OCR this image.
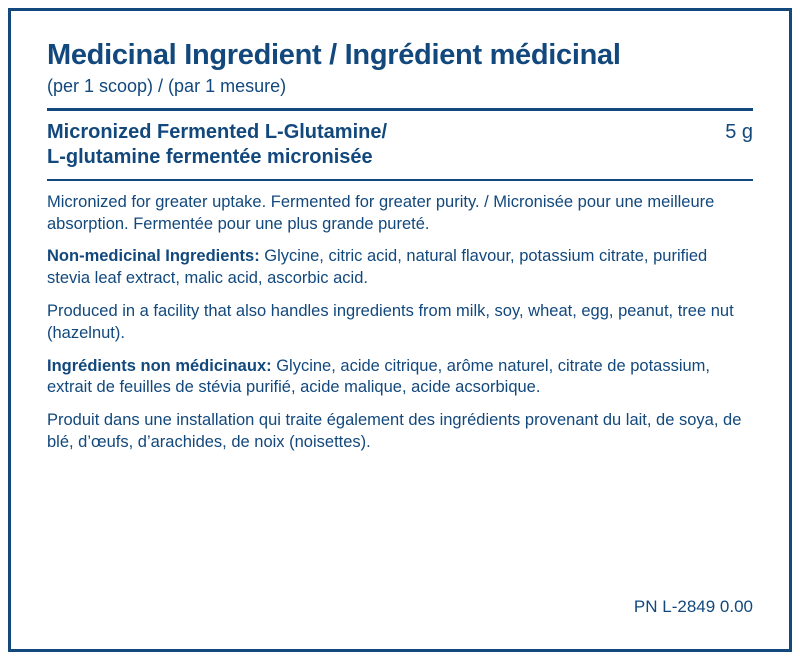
Medicinal Ingredient / Ingrédient médicinal

(per 1 scoop) / (par 1 mesure)

Micronized Fermented L-Glutamine/
L-glutamine fermentée micronisée
5 g

Micronized for greater uptake. Fermented for greater purity. / Micronisée pour une meilleure absorption. Fermentée pour une plus grande pureté.

Non-medicinal Ingredients: Glycine, citric acid, natural flavour, potassium citrate, purified stevia leaf extract, malic acid, ascorbic acid.

Produced in a facility that also handles ingredients from milk, soy, wheat, egg, peanut, tree nut (hazelnut).

Ingrédients non médicinaux: Glycine, acide citrique, arôme naturel, citrate de potassium, extrait de feuilles de stévia purifié, acide malique, acide acsorbique.

Produit dans une installation qui traite également des ingrédients provenant du lait, de soya, de blé, d’œufs, d’arachides, de noix (noisettes).

PN L-2849 0.00
